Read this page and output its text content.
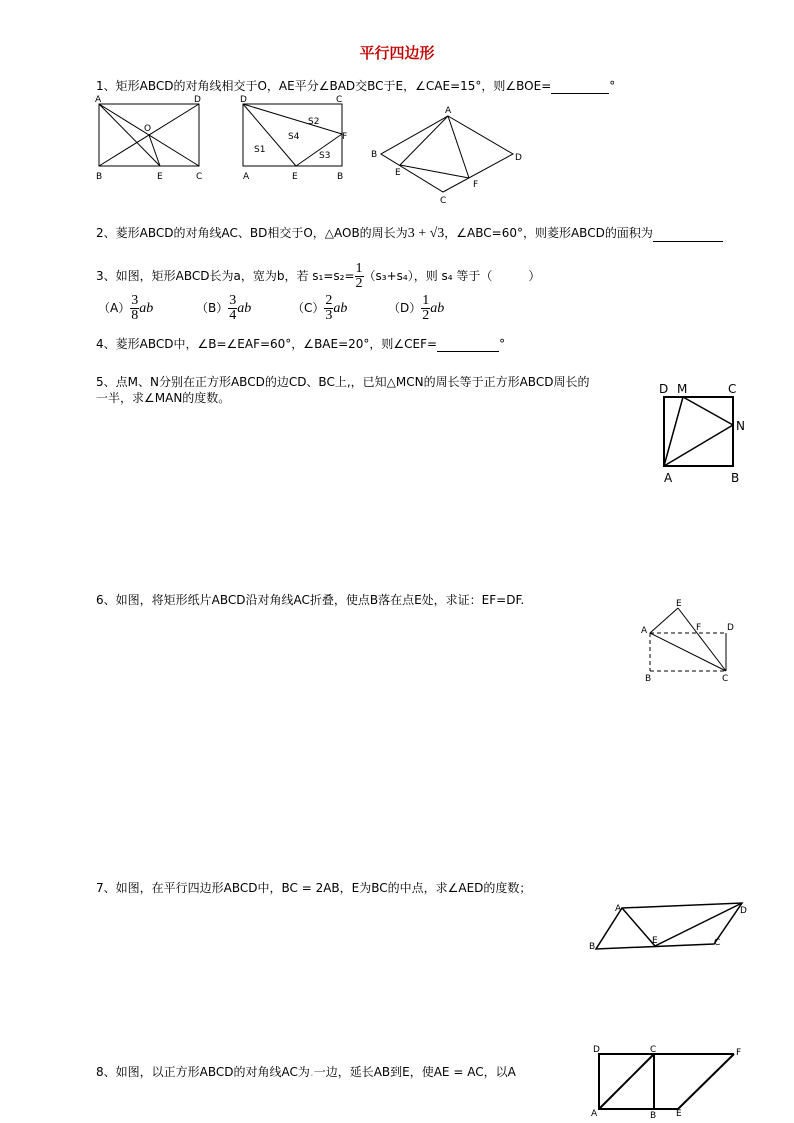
平行四边形
1、矩形ABCD的对角线相交于O，AE平分∠BAD交BC于E，∠CAE=15°，则∠BOE=	°
A	D
O
B	E	C
D	C
S2
S4	F
S1
S3
A	E	B
A
B	D
E
F
C
2、菱形ABCD的对角线AC、BD相交于O，△AOB的周长为3 + √3，∠ABC=60°，则菱形ABCD的面积为
3、如图，矩形ABCD长为a，宽为b，若 $s_1=s_2= \frac{1}{2} (s_3+s_4)$，则 s₄ 等于（　　　）
$(A) \frac{3}{8}$ ab	$(B) \frac{3}{4}$ ab	$(C) \frac{2}{3}$ ab	$(D) \frac{1}{2}$ ab
4、菱形ABCD中，∠B=∠EAF=60°，∠BAE=20°，则∠CEF=	°
5、点M、N分别在正方形ABCD的边CD、BC上,，已知△MCN的周长等于正方形ABCD周长的
一半，求∠MAN的度数。
D M	C
N
A	B
6、如图，将矩形纸片ABCD沿对角线AC折叠，使点B落在点E处，求证：EF=DF.	E
A	F	D
B	C
7、如图，在平行四边形ABCD中，BC = 2AB，E为BC的中点，求∠AED的度数；
A	D
B
E	C
8、如图，以正方形ABCD的对角线AC为.一边，延长AB到E，使AE = AC，以A
D	C	F
A	B E
